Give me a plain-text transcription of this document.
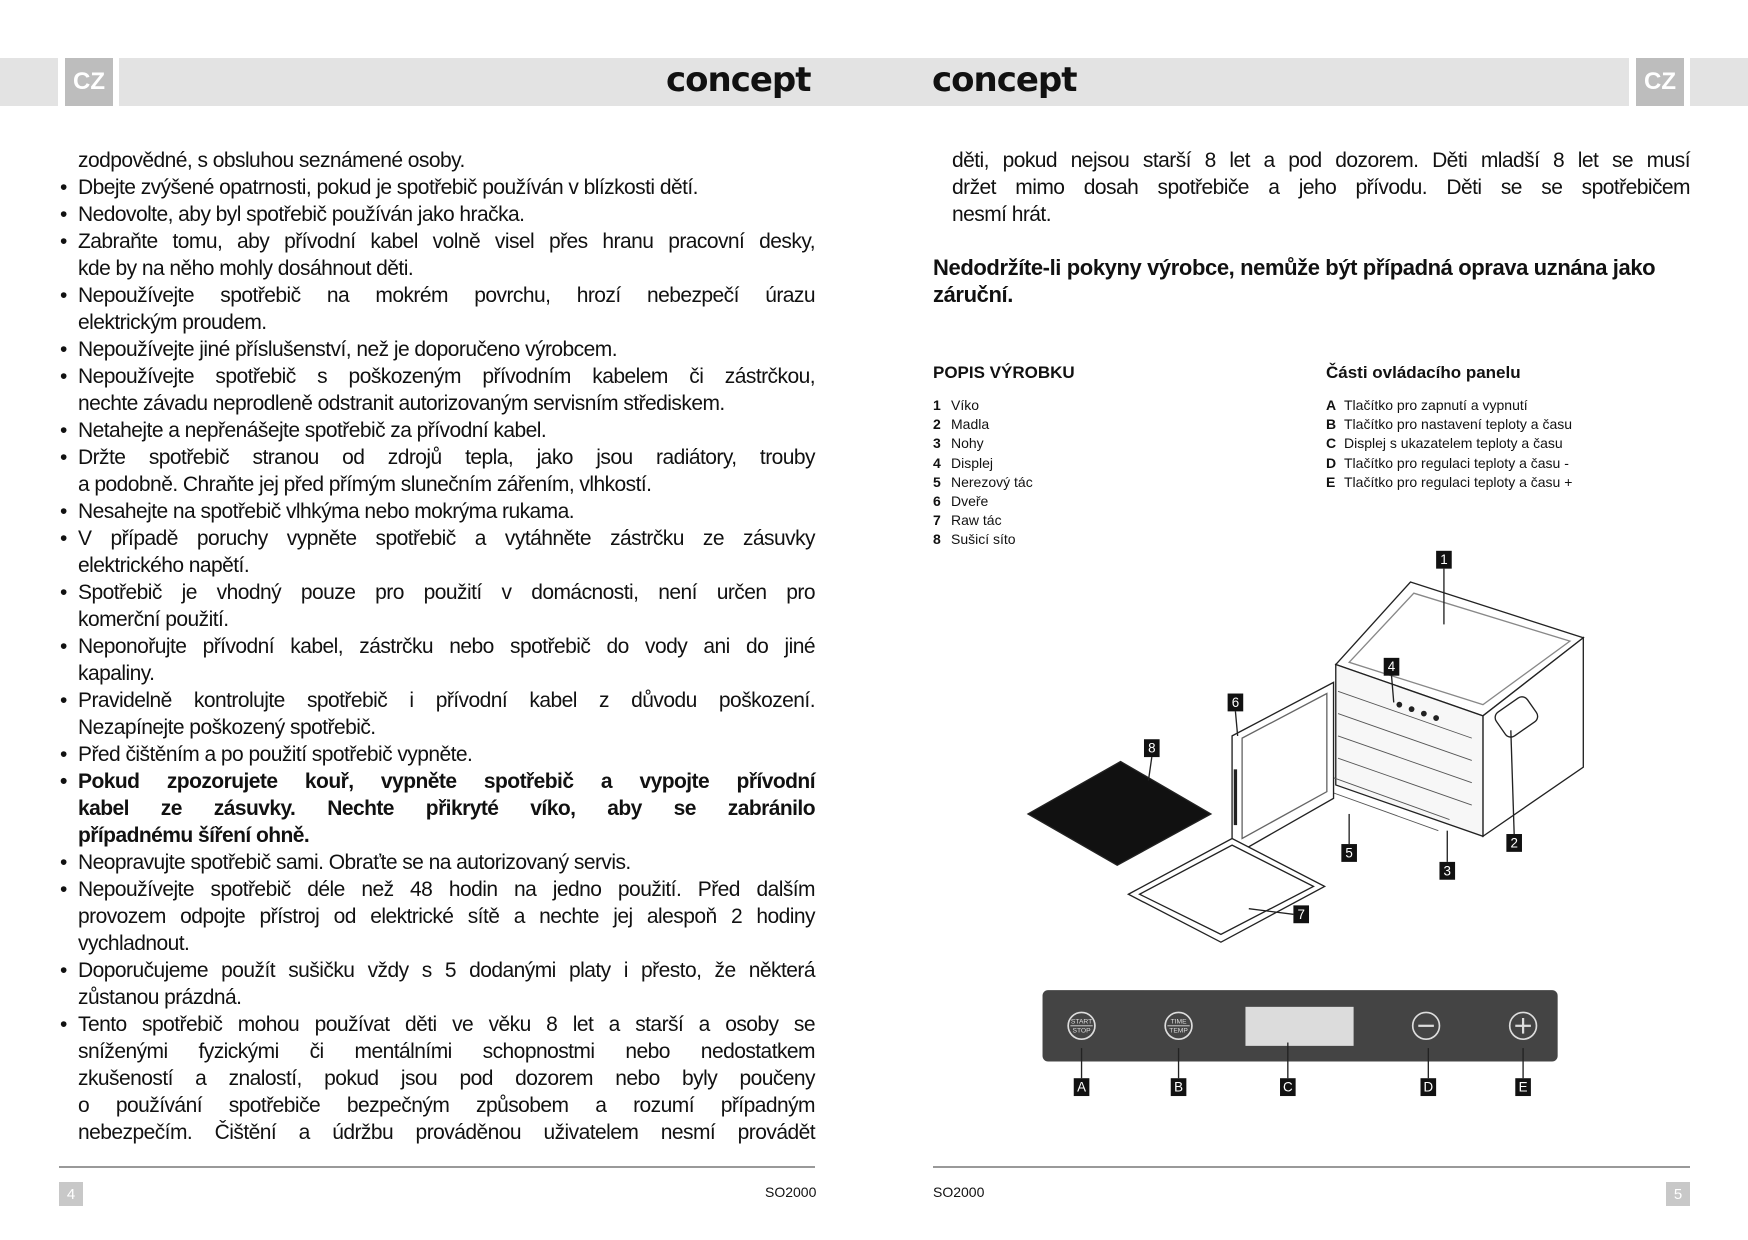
CZ	CZ
concept	concept
zodpovědné, s obsluhou seznámené osoby.
• Dbejte zvýšené opatrnosti, pokud je spotřebič používán v blízkosti dětí.
• Nedovolte, aby byl spotřebič používán jako hračka.
• Zabraňte tomu, aby přívodní kabel volně visel přes hranu pracovní desky,
kde by na něho mohly dosáhnout děti.
• Nepoužívejte spotřebič na mokrém povrchu, hrozí nebezpečí úrazu
elektrickým proudem.
• Nepoužívejte jiné příslušenství, než je doporučeno výrobcem.
• Nepoužívejte spotřebič s poškozeným přívodním kabelem či zástrčkou,
nechte závadu neprodleně odstranit autorizovaným servisním střediskem.
• Netahejte a nepřenášejte spotřebič za přívodní kabel.
• Držte spotřebič stranou od zdrojů tepla, jako jsou radiátory, trouby
a podobně. Chraňte jej před přímým slunečním zářením, vlhkostí.
• Nesahejte na spotřebič vlhkýma nebo mokrýma rukama.
• V případě poruchy vypněte spotřebič a vytáhněte zástrčku ze zásuvky
elektrického napětí.
• Spotřebič je vhodný pouze pro použití v domácnosti, není určen pro
komerční použití.
• Neponořujte přívodní kabel, zástrčku nebo spotřebič do vody ani do jiné
kapaliny.
• Pravidelně kontrolujte spotřebič i přívodní kabel z důvodu poškození.
Nezapínejte poškozený spotřebič.
• Před čištěním a po použití spotřebič vypněte.
• Pokud zpozorujete kouř, vypněte spotřebič a vypojte přívodní
kabel ze zásuvky. Nechte přikryté víko, aby se zabránilo
případnému šíření ohně.
• Neopravujte spotřebič sami. Obraťte se na autorizovaný servis.
• Nepoužívejte spotřebič déle než 48 hodin na jedno použití. Před dalším
provozem odpojte přístroj od elektrické sítě a nechte jej alespoň 2 hodiny
vychladnout.
• Doporučujeme použít sušičku vždy s 5 dodanými platy i přesto, že některá
zůstanou prázdná.
• Tento spotřebič mohou používat děti ve věku 8 let a starší a osoby se
sníženými fyzickými či mentálními schopnostmi nebo nedostatkem
zkušeností a znalostí, pokud jsou pod dozorem nebo byly poučeny
o používání spotřebiče bezpečným způsobem a rozumí případným
nebezpečím. Čištění a údržbu prováděnou uživatelem nesmí provádět
děti, pokud nejsou starší 8 let a pod dozorem. Děti mladší 8 let se musí
držet mimo dosah spotřebiče a jeho přívodu. Děti se se spotřebičem
nesmí hrát.
Nedodržíte-li pokyny výrobce, nemůže být případná oprava uznána jako záruční.
POPIS VÝROBKU
1 Víko
2 Madla
3 Nohy
4 Displej
5 Nerezový tác
6 Dveře
7 Raw tác
8 Sušicí síto
Části ovládacího panelu
A Tlačítko pro zapnutí a vypnutí
B Tlačítko pro nastavení teploty a času
C Displej s ukazatelem teploty a času
D Tlačítko pro regulaci teploty a času -
E Tlačítko pro regulaci teploty a času +
1
2
3
4
5
6
7
8
START
STOP
TIME
TEMP
A	B	C	D	E
4	5
SO2000	SO2000
